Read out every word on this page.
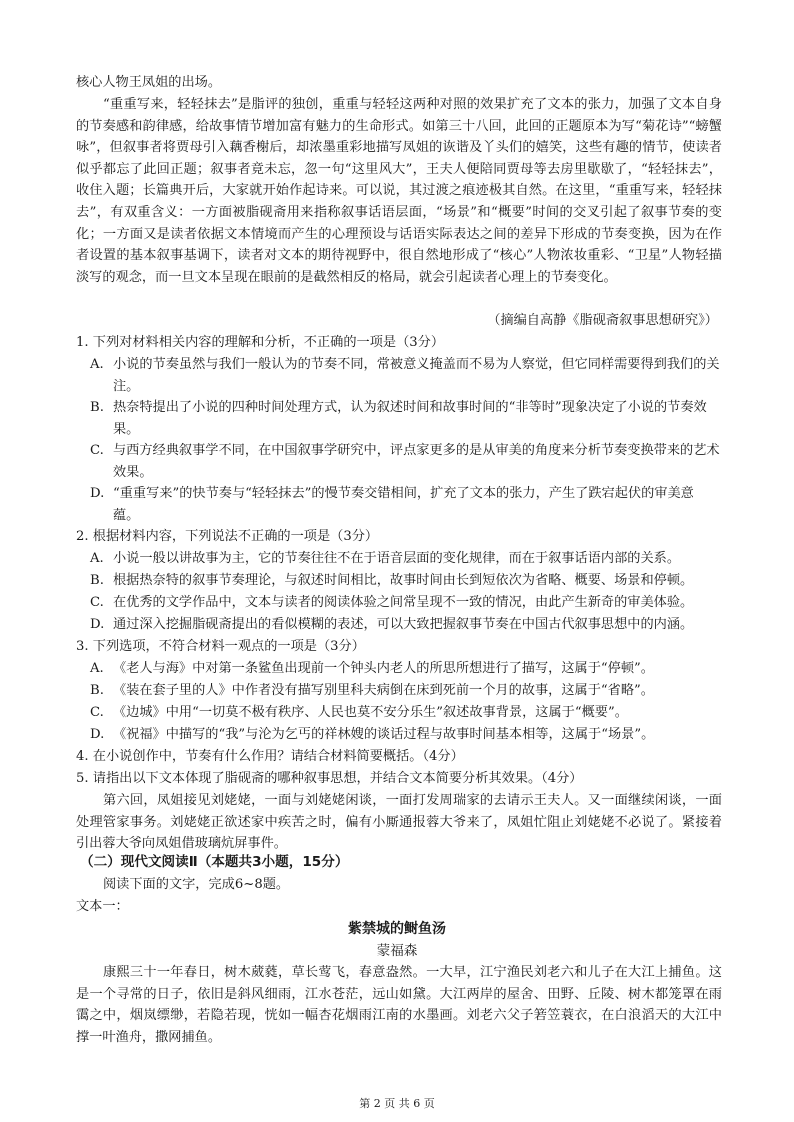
核心人物王凤姐的出场。

“重重写来，轻轻抹去”是脂评的独创，重重与轻轻这两种对照的效果扩充了文本的张力，加强了文本自身的节奏感和韵律感，给故事情节增加富有魅力的生命形式。如第三十八回，此回的正题原本为写“菊花诗”“螃蟹咏”，但叙事者将贾母引入藕香榭后，却浓墨重彩地描写凤姐的诙谐及丫头们的嬉笑，这些有趣的情节，使读者似乎都忘了此回正题；叙事者竟未忘，忽一句“这里风大”，王夫人便陪同贾母等去房里歇歇了，“轻轻抹去”，收住入题；长篇典开后，大家就开始作起诗来。可以说，其过渡之痕迹极其自然。在这里，“重重写来，轻轻抹去”，有双重含义：一方面被脂砚斋用来指称叙事话语层面，“场景”和“概要”时间的交叉引起了叙事节奏的变化；一方面又是读者依据文本情境而产生的心理预设与话语实际表达之间的差异下形成的节奏变换，因为在作者设置的基本叙事基调下，读者对文本的期待视野中，很自然地形成了“核心”人物浓妆重彩、“卫星”人物轻描淡写的观念，而一旦文本呈现在眼前的是截然相反的格局，就会引起读者心理上的节奏变化。

（摘编自高静《脂砚斋叙事思想研究》）

1. 下列对材料相关内容的理解和分析，不正确的一项是（3分）

A. 小说的节奏虽然与我们一般认为的节奏不同，常被意义掩盖而不易为人察觉，但它同样需要得到我们的关注。
B. 热奈特提出了小说的四种时间处理方式，认为叙述时间和故事时间的“非等时”现象决定了小说的节奏效果。
C. 与西方经典叙事学不同，在中国叙事学研究中，评点家更多的是从审美的角度来分析节奏变换带来的艺术效果。
D. “重重写来”的快节奏与“轻轻抹去”的慢节奏交错相间，扩充了文本的张力，产生了跌宕起伏的审美意蕴。

2. 根据材料内容，下列说法不正确的一项是（3分）

A. 小说一般以讲故事为主，它的节奏往往不在于语音层面的变化规律，而在于叙事话语内部的关系。
B. 根据热奈特的叙事节奏理论，与叙述时间相比，故事时间由长到短依次为省略、概要、场景和停顿。
C. 在优秀的文学作品中，文本与读者的阅读体验之间常呈现不一致的情况，由此产生新奇的审美体验。
D. 通过深入挖掘脂砚斋提出的看似模糊的表述，可以大致把握叙事节奏在中国古代叙事思想中的内涵。

3. 下列选项，不符合材料一观点的一项是（3分）

A. 《老人与海》中对第一条鲨鱼出现前一个钟头内老人的所思所想进行了描写，这属于“停顿”。
B. 《装在套子里的人》中作者没有描写别里科夫病倒在床到死前一个月的故事，这属于“省略”。
C. 《边城》中用“一切莫不极有秩序、人民也莫不安分乐生”叙述故事背景，这属于“概要”。
D. 《祝福》中描写的“我”与沦为乞丐的祥林嫂的谈话过程与故事时间基本相等，这属于“场景”。

4. 在小说创作中，节奏有什么作用？请结合材料简要概括。（4分）

5. 请指出以下文本体现了脂砚斋的哪种叙事思想，并结合文本简要分析其效果。（4分）

第六回，凤姐接见刘姥姥，一面与刘姥姥闲谈，一面打发周瑞家的去请示王夫人。又一面继续闲谈，一面处理管家事务。刘姥姥正欲述家中疾苦之时，偏有小厮通报蓉大爷来了，凤姐忙阻止刘姥姥不必说了。紧接着引出蓉大爷向凤姐借玻璃炕屏事件。

（二）现代文阅读Ⅱ（本题共3小题，15分）

阅读下面的文字，完成6~8题。

文本一：

紫禁城的鲥鱼汤

蒙福森

康熙三十一年春日，树木葳蕤，草长莺飞，春意盎然。一大早，江宁渔民刘老六和儿子在大江上捕鱼。这是一个寻常的日子，依旧是斜风细雨，江水苍茫，远山如黛。大江两岸的屋舍、田野、丘陵、树木都笼罩在雨霭之中，烟岚缥缈，若隐若现，恍如一幅杏花烟雨江南的水墨画。刘老六父子箬笠蓑衣，在白浪滔天的大江中撑一叶渔舟，撒网捕鱼。

第 2 页 共 6 页
